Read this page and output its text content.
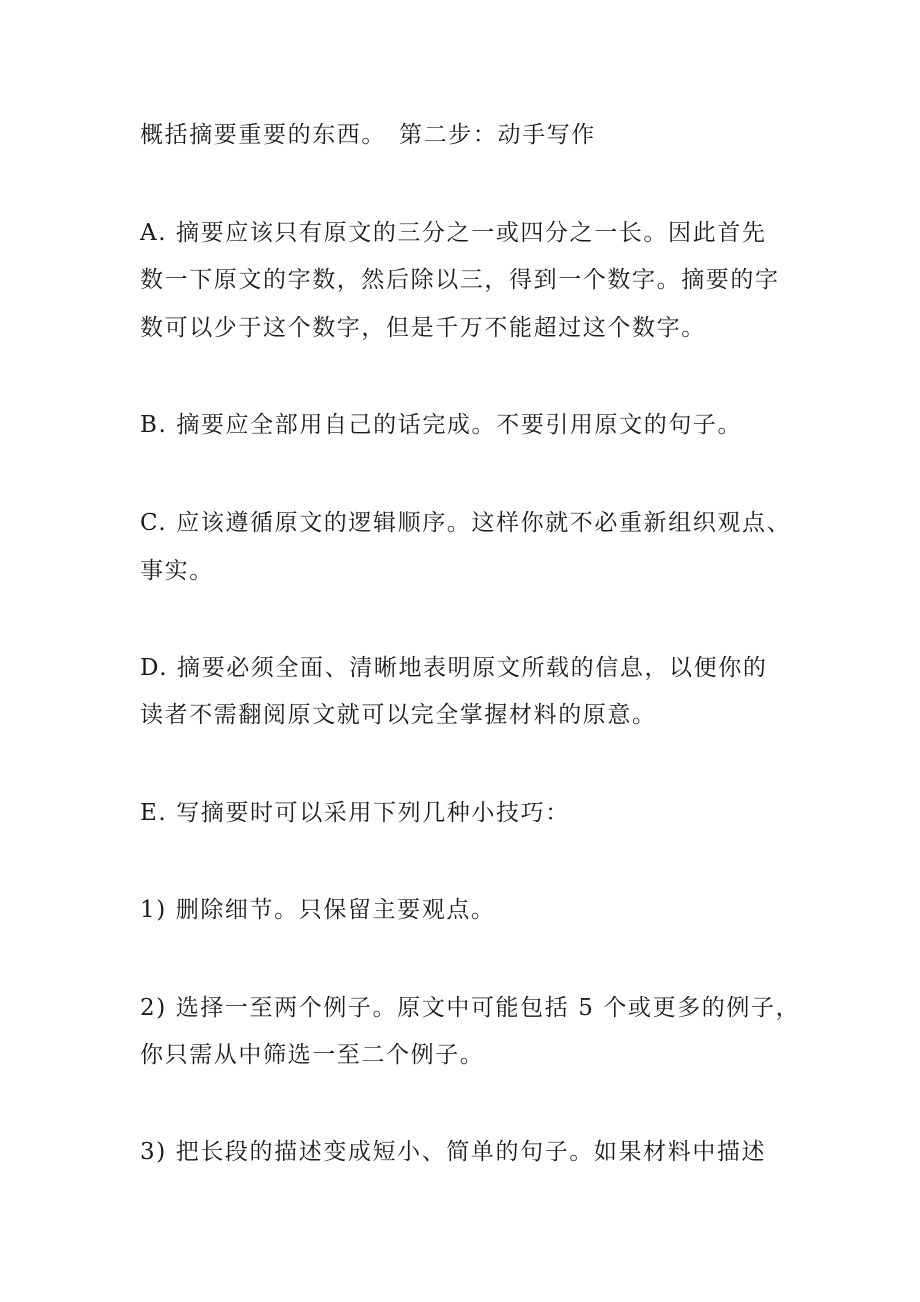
概括摘要重要的东西。　第二步：动手写作
A. 摘要应该只有原文的三分之一或四分之一长。因此首先
数一下原文的字数，然后除以三，得到一个数字。摘要的字
数可以少于这个数字，但是千万不能超过这个数字。
B. 摘要应全部用自己的话完成。不要引用原文的句子。
C. 应该遵循原文的逻辑顺序。这样你就不必重新组织观点、
事实。
D. 摘要必须全面、清晰地表明原文所载的信息，以便你的
读者不需翻阅原文就可以完全掌握材料的原意。
E. 写摘要时可以采用下列几种小技巧：
1) 删除细节。只保留主要观点。
2) 选择一至两个例子。原文中可能包括 5 个或更多的例子，
你只需从中筛选一至二个例子。
3) 把长段的描述变成短小、简单的句子。如果材料中描述
